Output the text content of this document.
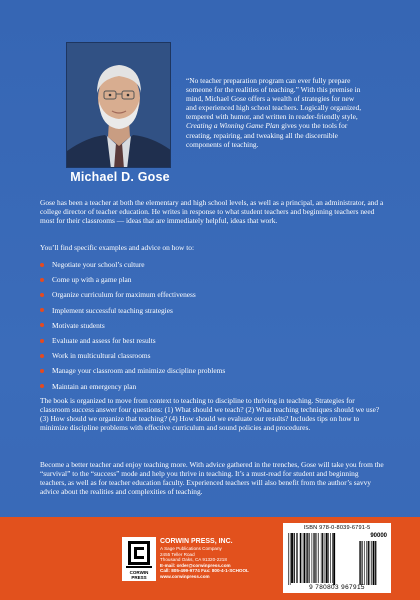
Michael D. Gose

“No teacher preparation program can ever fully prepare someone for the realities of teaching.” With this premise in mind, Michael Gose offers a wealth of strategies for new and experienced high school teachers. Logically organized, tempered with humor, and written in reader-friendly style, Creating a Winning Game Plan gives you the tools for creating, repairing, and tweaking all the discernible components of teaching.

Gose has been a teacher at both the elementary and high school levels, as well as a principal, an administrator, and a college director of teacher education. He writes in response to what student teachers and beginning teachers need most for their classrooms — ideas that are immediately helpful, ideas that work.

You’ll find specific examples and advice on how to:

Negotiate your school’s culture
Come up with a game plan
Organize curriculum for maximum effectiveness
Implement successful teaching strategies
Motivate students
Evaluate and assess for best results
Work in multicultural classrooms
Manage your classroom and minimize discipline problems
Maintain an emergency plan

The book is organized to move from context to teaching to discipline to thriving in teaching. Strategies for classroom success answer four questions: (1) What should we teach? (2) What teaching techniques should we use? (3) How should we organize that teaching? (4) How should we evaluate our results? Includes tips on how to minimize discipline problems with effective curriculum and sound policies and procedures.

Become a better teacher and enjoy teaching more. With advice gathered in the trenches, Gose will take you from the “survival” to the “success” mode and help you thrive in teaching. It’s a must-read for student and beginning teachers, as well as for teacher education faculty. Experienced teachers will also benefit from the author’s savvy advice about the realities and complexities of teaching.

CORWIN PRESS
CORWIN PRESS, INC.
A Sage Publications Company
2455 Teller Road
Thousand Oaks, CA 91320-2218
E-mail: order@corwinpress.com
Call: 805-499-9774 Fax: 800-4-1-SCHOOL
www.corwinpress.com
ISBN 978-0-8039-6791-5
90000
9 780803 967915
